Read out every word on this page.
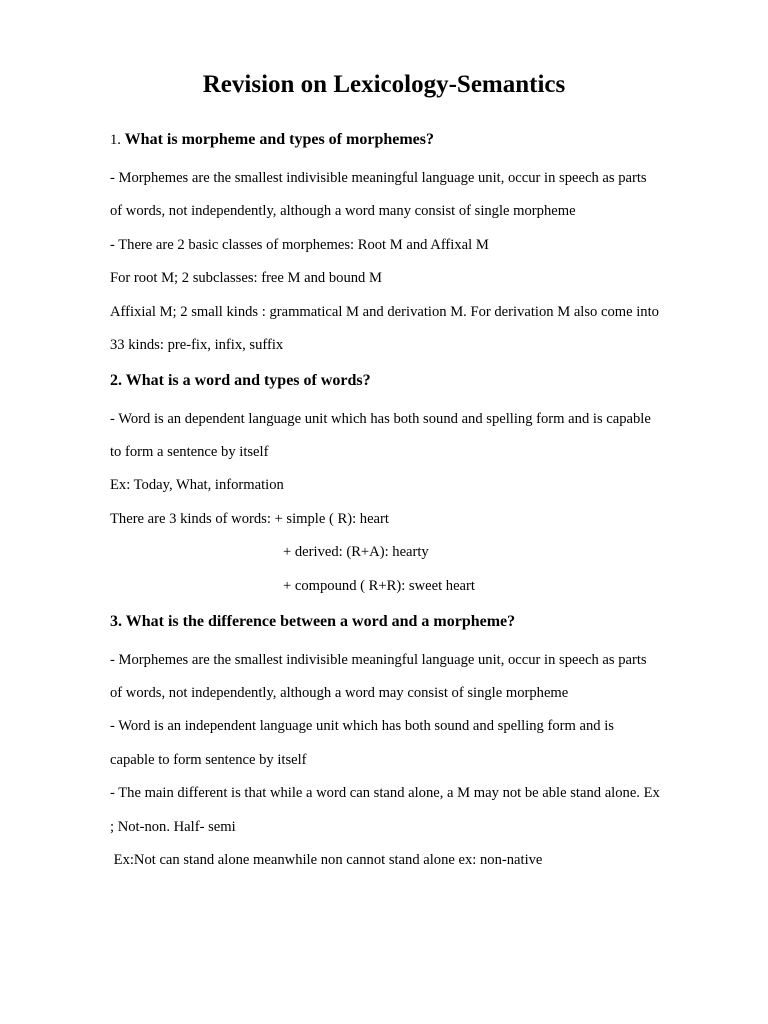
Revision on Lexicology-Semantics
1. What is morpheme and types of morphemes?
- Morphemes are the smallest indivisible meaningful language unit, occur in speech as parts
of words, not independently, although a word many consist of single morpheme
- There are 2 basic classes of morphemes: Root M and Affixal M
For root M; 2 subclasses: free M and bound M
Affixial M; 2 small kinds : grammatical M and derivation M. For derivation M also come into
33 kinds: pre-fix, infix, suffix
2. What is a word and types of words?
- Word is an dependent language unit which has both sound and spelling form and is capable
to form a sentence by itself
Ex: Today, What, information
There are 3 kinds of words: + simple ( R): heart
+ derived: (R+A): hearty
+ compound ( R+R): sweet heart
3. What is the difference between a word and a morpheme?
- Morphemes are the smallest indivisible meaningful language unit, occur in speech as parts
of words, not independently, although a word may consist of single morpheme
- Word is an independent language unit which has both sound and spelling form and is
capable to form sentence by itself
- The main different is that while a word can stand alone, a M may not be able stand alone. Ex
; Not-non. Half- semi
Ex:Not can stand alone meanwhile non cannot stand alone ex: non-native
